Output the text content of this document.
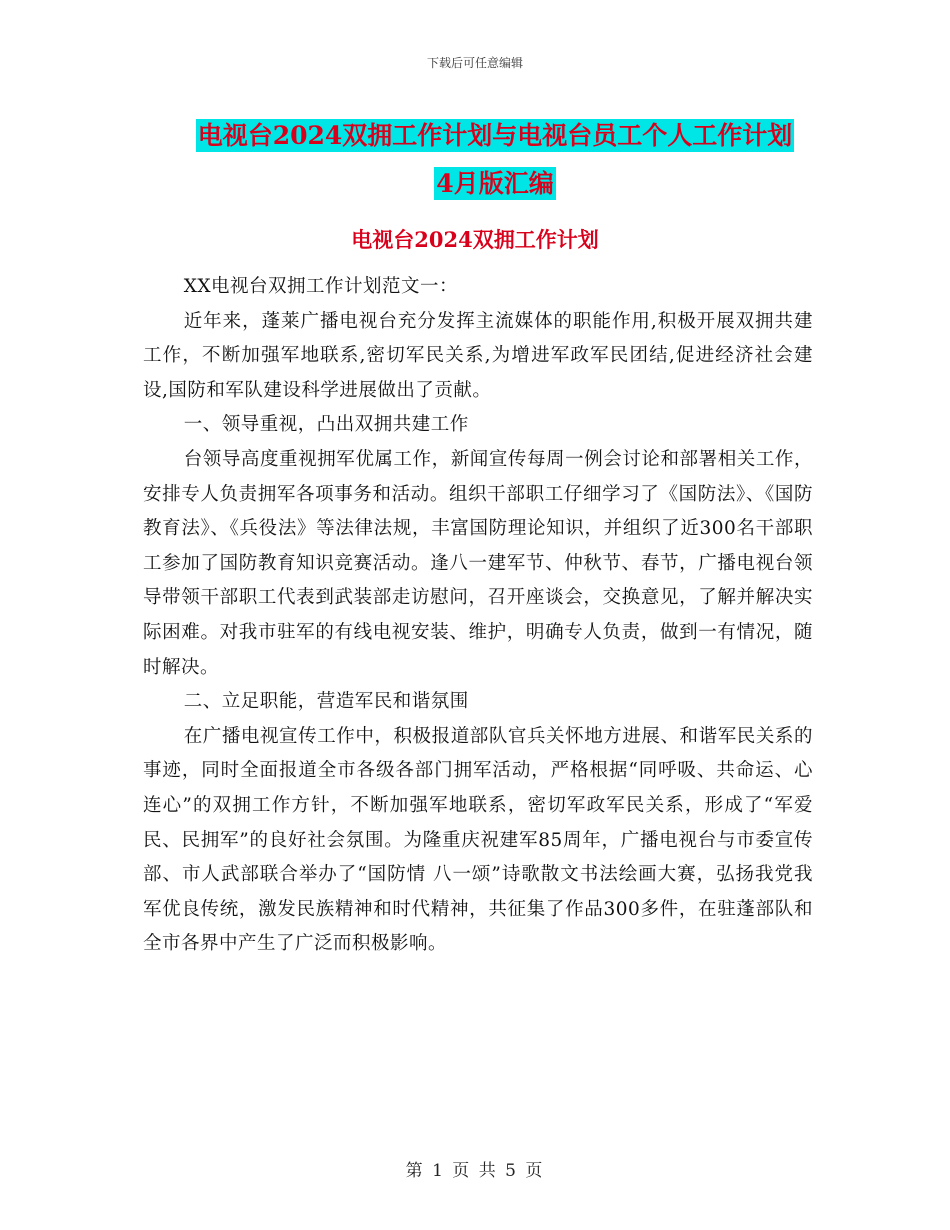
下载后可任意编辑
电视台2024双拥工作计划与电视台员工个人工作计划
4月版汇编
电视台2024双拥工作计划

XX电视台双拥工作计划范文一：

近年来，蓬莱广播电视台充分发挥主流媒体的职能作用,积极开展双拥共建工作，不断加强军地联系,密切军民关系,为增进军政军民团结,促进经济社会建设,国防和军队建设科学进展做出了贡献。

一、领导重视，凸出双拥共建工作

台领导高度重视拥军优属工作，新闻宣传每周一例会讨论和部署相关工作，安排专人负责拥军各项事务和活动。组织干部职工仔细学习了《国防法》、《国防教育法》、《兵役法》等法律法规，丰富国防理论知识，并组织了近300名干部职工参加了国防教育知识竞赛活动。逢八一建军节、仲秋节、春节，广播电视台领导带领干部职工代表到武装部走访慰问，召开座谈会，交换意见，了解并解决实际困难。对我市驻军的有线电视安装、维护，明确专人负责，做到一有情况，随时解决。

二、立足职能，营造军民和谐氛围

在广播电视宣传工作中，积极报道部队官兵关怀地方进展、和谐军民关系的事迹，同时全面报道全市各级各部门拥军活动，严格根据“同呼吸、共命运、心连心”的双拥工作方针，不断加强军地联系，密切军政军民关系，形成了“军爱民、民拥军”的良好社会氛围。为隆重庆祝建军85周年，广播电视台与市委宣传部、市人武部联合举办了“国防情 八一颂”诗歌散文书法绘画大赛，弘扬我党我军优良传统，激发民族精神和时代精神，共征集了作品300多件，在驻蓬部队和全市各界中产生了广泛而积极影响。

第 1 页 共 5 页
